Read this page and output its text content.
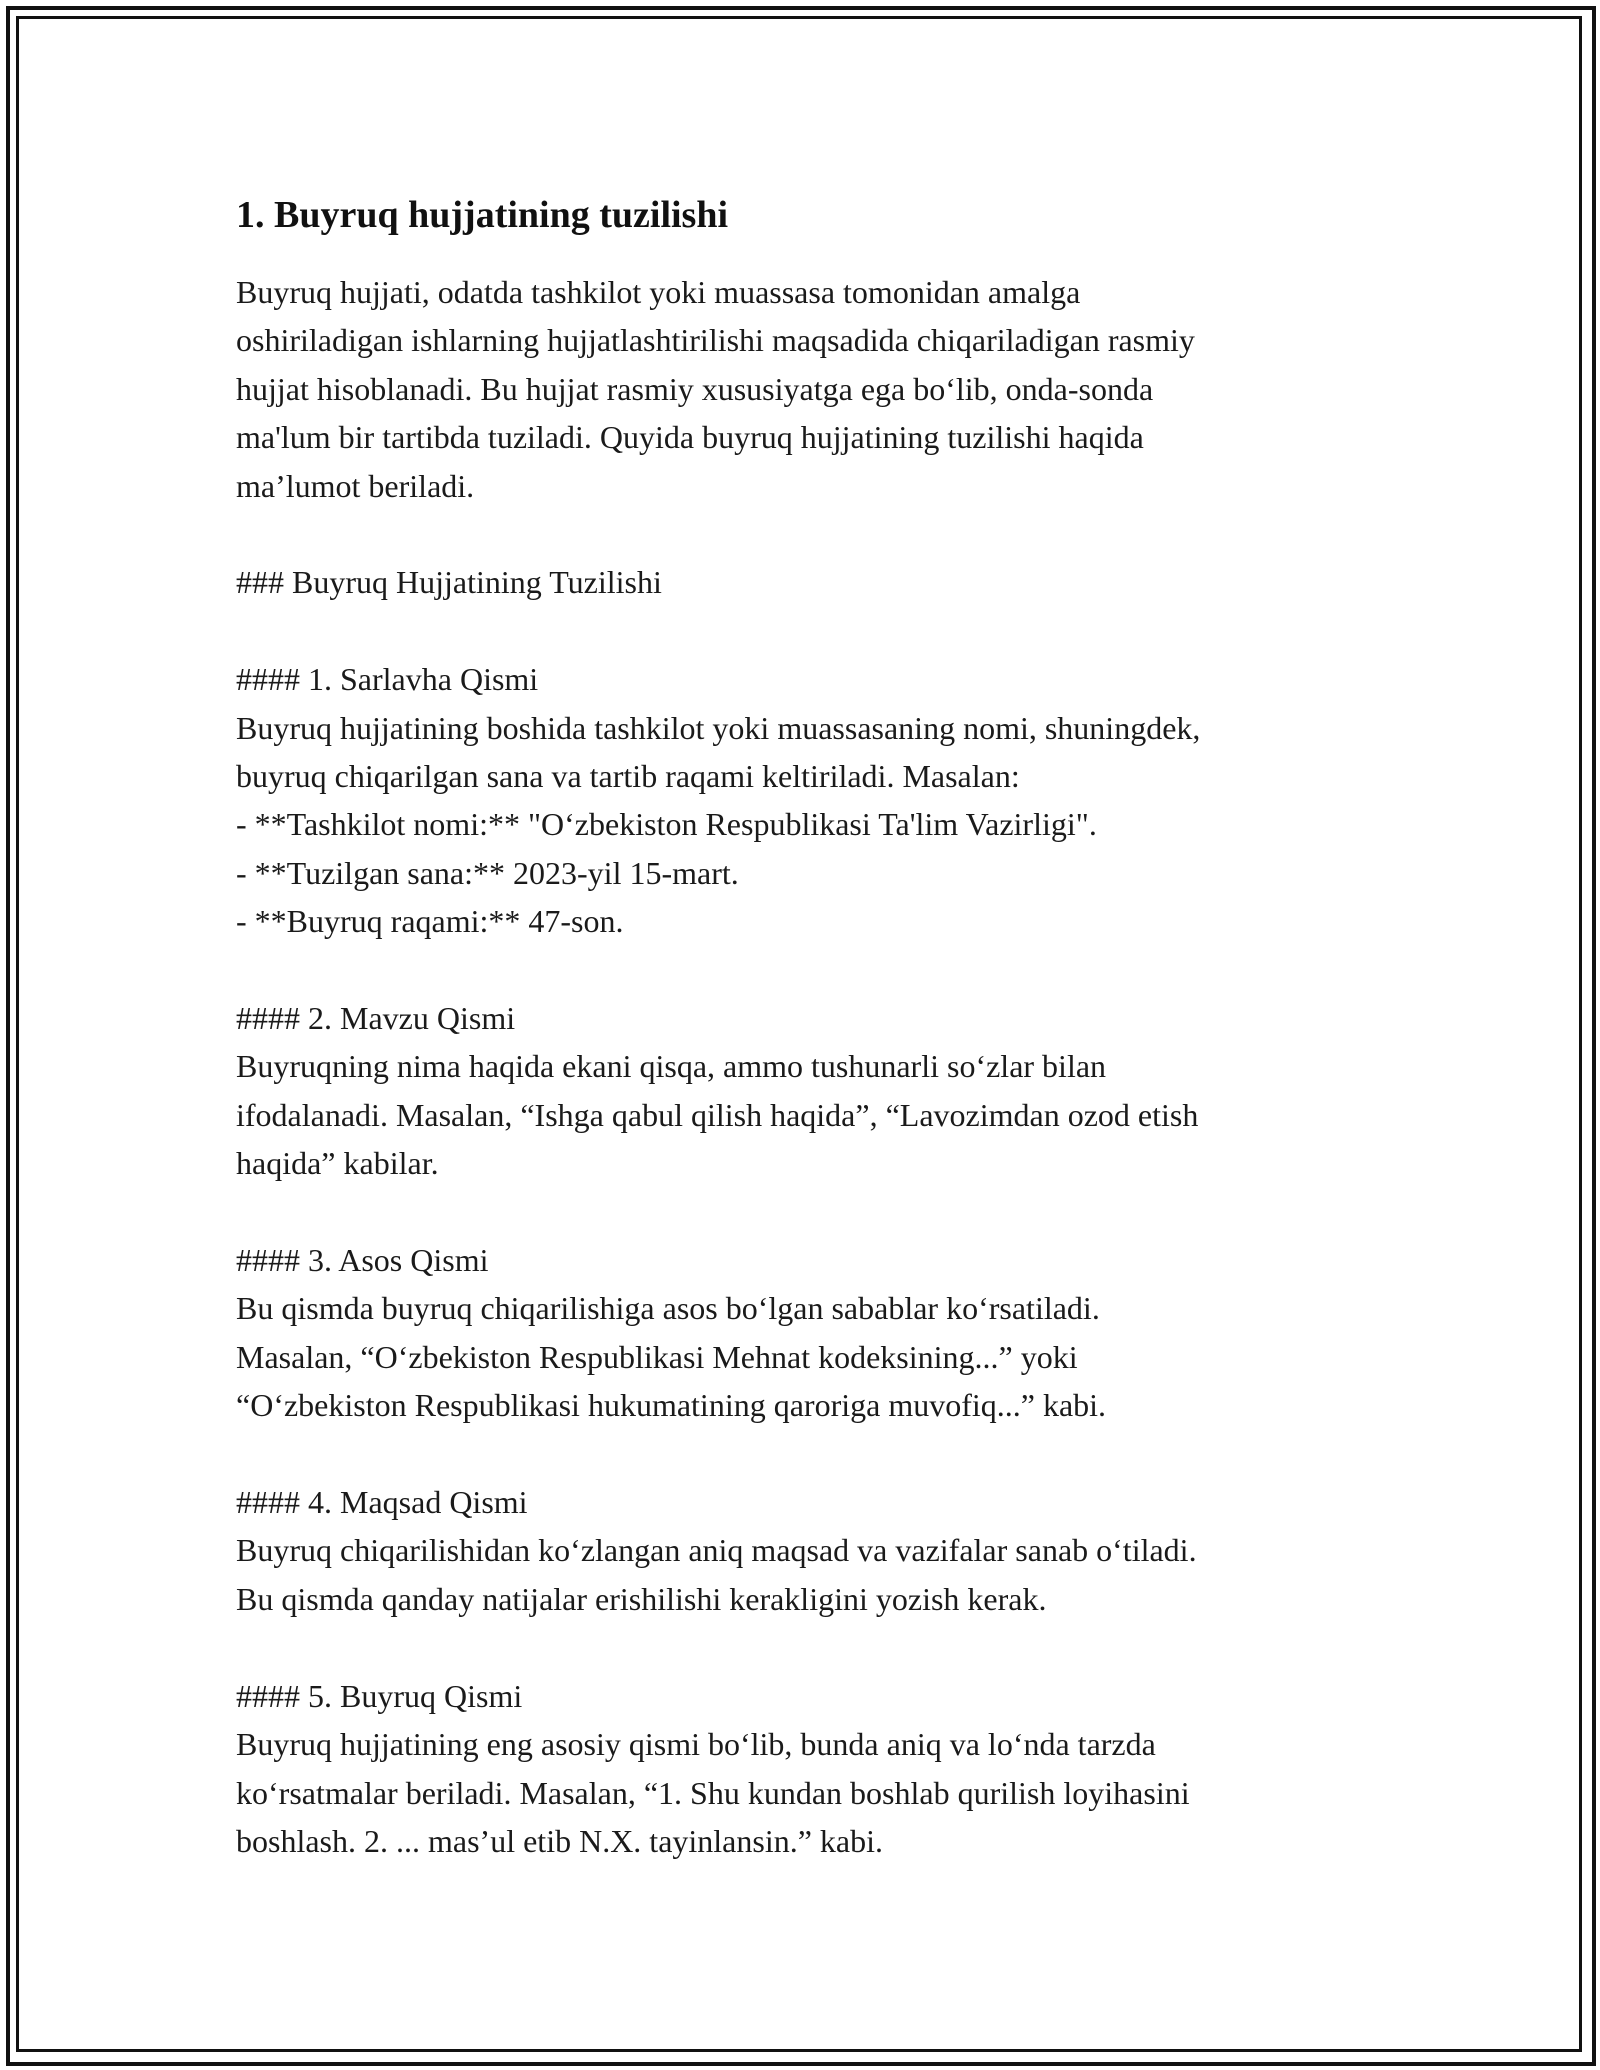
1. Buyruq hujjatining tuzilishi

Buyruq hujjati, odatda tashkilot yoki muassasa tomonidan amalga

oshiriladigan ishlarning hujjatlashtirilishi maqsadida chiqariladigan rasmiy

hujjat hisoblanadi. Bu hujjat rasmiy xususiyatga ega bo‘lib, onda-sonda

ma'lum bir tartibda tuziladi. Quyida buyruq hujjatining tuzilishi haqida

ma’lumot beriladi.

### Buyruq Hujjatining Tuzilishi

#### 1. Sarlavha Qismi

Buyruq hujjatining boshida tashkilot yoki muassasaning nomi, shuningdek,

buyruq chiqarilgan sana va tartib raqami keltiriladi. Masalan:

- **Tashkilot nomi:** "O‘zbekiston Respublikasi Ta'lim Vazirligi".

- **Tuzilgan sana:** 2023-yil 15-mart.

- **Buyruq raqami:** 47-son.

#### 2. Mavzu Qismi

Buyruqning nima haqida ekani qisqa, ammo tushunarli so‘zlar bilan

ifodalanadi. Masalan, “Ishga qabul qilish haqida”, “Lavozimdan ozod etish

haqida” kabilar.

#### 3. Asos Qismi

Bu qismda buyruq chiqarilishiga asos bo‘lgan sabablar ko‘rsatiladi.

Masalan, “O‘zbekiston Respublikasi Mehnat kodeksining...” yoki

“O‘zbekiston Respublikasi hukumatining qaroriga muvofiq...” kabi.

#### 4. Maqsad Qismi

Buyruq chiqarilishidan ko‘zlangan aniq maqsad va vazifalar sanab o‘tiladi.

Bu qismda qanday natijalar erishilishi kerakligini yozish kerak.

#### 5. Buyruq Qismi

Buyruq hujjatining eng asosiy qismi bo‘lib, bunda aniq va lo‘nda tarzda

ko‘rsatmalar beriladi. Masalan, “1. Shu kundan boshlab qurilish loyihasini

boshlash. 2. ... mas’ul etib N.X. tayinlansin.” kabi.
